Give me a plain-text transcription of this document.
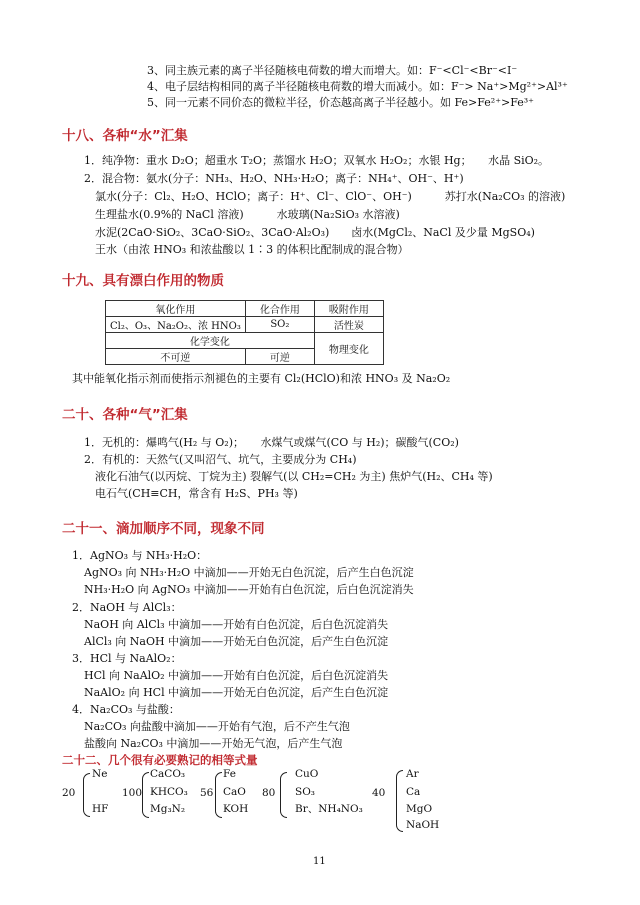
3、同主族元素的离子半径随核电荷数的增大而增大。如：F⁻<Cl⁻<Br⁻<I⁻
4、电子层结构相同的离子半径随核电荷数的增大而减小。如：F⁻> Na⁺>Mg²⁺>Al³⁺
5、同一元素不同价态的微粒半径，价态越高离子半径越小。如 Fe>Fe²⁺>Fe³⁺
十八、各种“水”汇集
1．纯净物：重水 D₂O；超重水 T₂O；蒸馏水 H₂O；双氧水 H₂O₂；水银 Hg；　　水晶 SiO₂。
2．混合物：氨水(分子：NH₃、H₂O、NH₃·H₂O；离子：NH₄⁺、OH⁻、H⁺)
氯水(分子：Cl₂、H₂O、HClO；离子：H⁺、Cl⁻、ClO⁻、OH⁻)　　　苏打水(Na₂CO₃ 的溶液)
生理盐水(0.9%的 NaCl 溶液)　　　水玻璃(Na₂SiO₃ 水溶液)
水泥(2CaO·SiO₂、3CaO·SiO₂、3CaO·Al₂O₃)　　卤水(MgCl₂、NaCl 及少量 MgSO₄)
王水（由浓 HNO₃ 和浓盐酸以 1∶3 的体积比配制成的混合物）
十九、具有漂白作用的物质
氧化作用	化合作用	吸附作用
Cl₂、O₃、Na₂O₂、浓 HNO₃	SO₂	活性炭
化学变化		物理变化
不可逆	可逆	
其中能氧化指示剂而使指示剂褪色的主要有 Cl₂(HClO)和浓 HNO₃ 及 Na₂O₂
二十、各种“气”汇集
1．无机的：爆鸣气(H₂ 与 O₂)；　　水煤气或煤气(CO 与 H₂)；碳酸气(CO₂)
2．有机的：天然气(又叫沼气、坑气，主要成分为 CH₄)
液化石油气(以丙烷、丁烷为主) 裂解气(以 CH₂=CH₂ 为主) 焦炉气(H₂、CH₄ 等)
电石气(CH≡CH，常含有 H₂S、PH₃ 等)
二十一、滴加顺序不同，现象不同
1．AgNO₃ 与 NH₃·H₂O：
AgNO₃ 向 NH₃·H₂O 中滴加——开始无白色沉淀，后产生白色沉淀
NH₃·H₂O 向 AgNO₃ 中滴加——开始有白色沉淀，后白色沉淀消失
2．NaOH 与 AlCl₃：
NaOH 向 AlCl₃ 中滴加——开始有白色沉淀，后白色沉淀消失
AlCl₃ 向 NaOH 中滴加——开始无白色沉淀，后产生白色沉淀
3．HCl 与 NaAlO₂：
HCl 向 NaAlO₂ 中滴加——开始有白色沉淀，后白色沉淀消失
NaAlO₂ 向 HCl 中滴加——开始无白色沉淀，后产生白色沉淀
4．Na₂CO₃ 与盐酸：
Na₂CO₃ 向盐酸中滴加——开始有气泡，后不产生气泡
盐酸向 Na₂CO₃ 中滴加——开始无气泡，后产生气泡
二十二、几个很有必要熟记的相等式量
20
Ne
HF
100
CaCO₃
KHCO₃
Mg₃N₂
56
Fe
CaO
KOH
80
CuO
SO₃
Br、NH₄NO₃
40
Ar
Ca
MgO
NaOH
11
